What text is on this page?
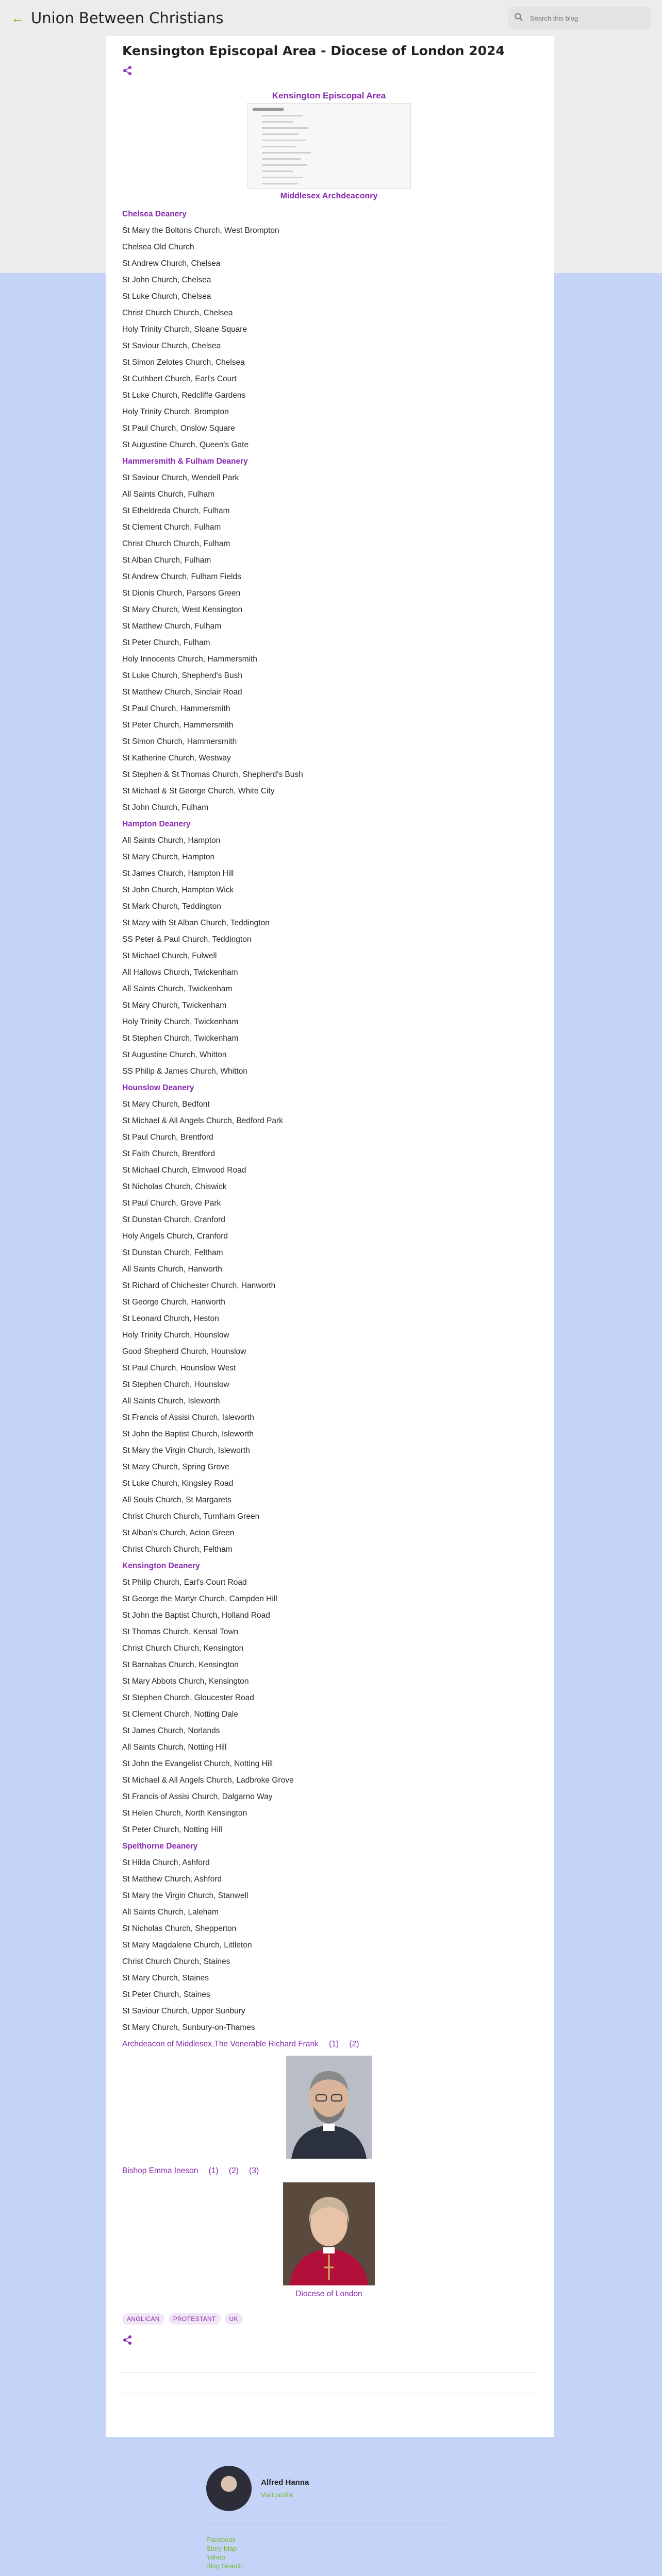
← Union Between Christians
Search this blog
Kensington Episcopal Area - Diocese of London 2024
Kensington Episcopal Area
Middlesex Archdeaconry
Chelsea Deanery
St Mary the Boltons Church, West Brompton
Chelsea Old Church
St Andrew Church, Chelsea
St John Church, Chelsea
St Luke Church, Chelsea
Christ Church Church, Chelsea
Holy Trinity Church, Sloane Square
St Saviour Church, Chelsea
St Simon Zelotes Church, Chelsea
St Cuthbert Church, Earl's Court
St Luke Church, Redcliffe Gardens
Holy Trinity Church, Brompton
St Paul Church, Onslow Square
St Augustine Church, Queen's Gate
Hammersmith & Fulham Deanery
St Saviour Church, Wendell Park
All Saints Church, Fulham
St Etheldreda Church, Fulham
St Clement Church, Fulham
Christ Church Church, Fulham
St Alban Church, Fulham
St Andrew Church, Fulham Fields
St Dionis Church, Parsons Green
St Mary Church, West Kensington
St Matthew Church, Fulham
St Peter Church, Fulham
Holy Innocents Church, Hammersmith
St Luke Church, Shepherd's Bush
St Matthew Church, Sinclair Road
St Paul Church, Hammersmith
St Peter Church, Hammersmith
St Simon Church, Hammersmith
St Katherine Church, Westway
St Stephen & St Thomas Church, Shepherd's Bush
St Michael & St George Church, White City
St John Church, Fulham
Hampton Deanery
All Saints Church, Hampton
St Mary Church, Hampton
St James Church, Hampton Hill
St John Church, Hampton Wick
St Mark Church, Teddington
St Mary with St Alban Church, Teddington
SS Peter & Paul Church, Teddington
St Michael Church, Fulwell
All Hallows Church, Twickenham
All Saints Church, Twickenham
St Mary Church, Twickenham
Holy Trinity Church, Twickenham
St Stephen Church, Twickenham
St Augustine Church, Whitton
SS Philip & James Church, Whitton
Hounslow Deanery
St Mary Church, Bedfont
St Michael & All Angels Church, Bedford Park
St Paul Church, Brentford
St Faith Church, Brentford
St Michael Church, Elmwood Road
St Nicholas Church, Chiswick
St Paul Church, Grove Park
St Dunstan Church, Cranford
Holy Angels Church, Cranford
St Dunstan Church, Feltham
All Saints Church, Hanworth
St Richard of Chichester Church, Hanworth
St George Church, Hanworth
St Leonard Church, Heston
Holy Trinity Church, Hounslow
Good Shepherd Church, Hounslow
St Paul Church, Hounslow West
St Stephen Church, Hounslow
All Saints Church, Isleworth
St Francis of Assisi Church, Isleworth
St John the Baptist Church, Isleworth
St Mary the Virgin Church, Isleworth
St Mary Church, Spring Grove
St Luke Church, Kingsley Road
All Souls Church, St Margarets
Christ Church Church, Turnham Green
St Alban's Church, Acton Green
Christ Church Church, Feltham
Kensington Deanery
St Philip Church, Earl's Court Road
St George the Martyr Church, Campden Hill
St John the Baptist Church, Holland Road
St Thomas Church, Kensal Town
Christ Church Church, Kensington
St Barnabas Church, Kensington
St Mary Abbots Church, Kensington
St Stephen Church, Gloucester Road
St Clement Church, Notting Dale
St James Church, Norlands
All Saints Church, Notting Hill
St John the Evangelist Church, Notting Hill
St Michael & All Angels Church, Ladbroke Grove
St Francis of Assisi Church, Dalgarno Way
St Helen Church, North Kensington
St Peter Church, Notting Hill
Spelthorne Deanery
St Hilda Church, Ashford
St Matthew Church, Ashford
St Mary the Virgin Church, Stanwell
All Saints Church, Laleham
St Nicholas Church, Shepperton
St Mary Magdalene Church, Littleton
Christ Church Church, Staines
St Mary Church, Staines
St Peter Church, Staines
St Saviour Church, Upper Sunbury
St Mary Church, Sunbury-on-Thames
Archdeacon of Middlesex,The Venerable Richard Frank (1) (2)
Bishop Emma Ineson (1) (2) (3)
Diocese of London
ANGLICAN	PROTESTANT	UK
Alfred Hanna
Visit profile
Facebook
Story Map
Yahoo
Blog Search
